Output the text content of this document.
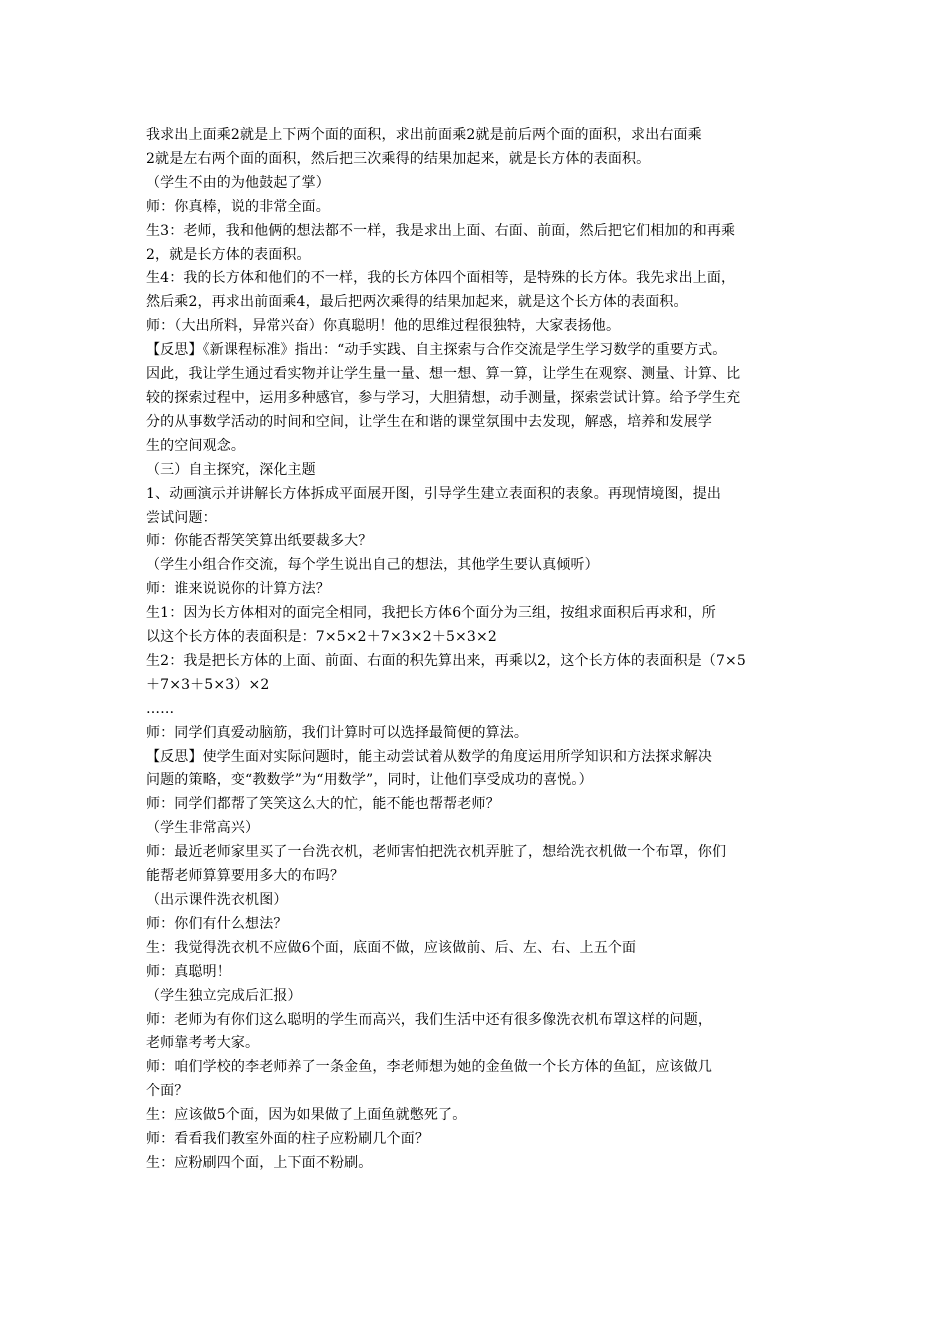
我求出上面乘2就是上下两个面的面积，求出前面乘2就是前后两个面的面积，求出右面乘
2就是左右两个面的面积，然后把三次乘得的结果加起来，就是长方体的表面积。
（学生不由的为他鼓起了掌）
师：你真棒，说的非常全面。
生3：老师，我和他俩的想法都不一样，我是求出上面、右面、前面，然后把它们相加的和再乘
2，就是长方体的表面积。
生4：我的长方体和他们的不一样，我的长方体四个面相等，是特殊的长方体。我先求出上面，
然后乘2，再求出前面乘4，最后把两次乘得的结果加起来，就是这个长方体的表面积。
师：（大出所料，异常兴奋）你真聪明！他的思维过程很独特，大家表扬他。
【反思】《新课程标准》指出：“动手实践、自主探索与合作交流是学生学习数学的重要方式。
因此，我让学生通过看实物并让学生量一量、想一想、算一算，让学生在观察、测量、计算、比
较的探索过程中，运用多种感官，参与学习，大胆猜想，动手测量，探索尝试计算。给予学生充
分的从事数学活动的时间和空间，让学生在和谐的课堂氛围中去发现，解惑，培养和发展学
生的空间观念。
（三）自主探究，深化主题
1、动画演示并讲解长方体拆成平面展开图，引导学生建立表面积的表象。再现情境图，提出
尝试问题：
师：你能否帮笑笑算出纸要裁多大？
（学生小组合作交流，每个学生说出自己的想法，其他学生要认真倾听）
师：谁来说说你的计算方法？
生1：因为长方体相对的面完全相同，我把长方体6个面分为三组，按组求面积后再求和，所
以这个长方体的表面积是：7×5×2＋7×3×2＋5×3×2
生2：我是把长方体的上面、前面、右面的积先算出来，再乘以2，这个长方体的表面积是（7×5
＋7×3＋5×3）×2
……
师：同学们真爱动脑筋，我们计算时可以选择最简便的算法。
【反思】使学生面对实际问题时，能主动尝试着从数学的角度运用所学知识和方法探求解决
问题的策略，变“教数学”为“用数学”，同时，让他们享受成功的喜悦。）
师：同学们都帮了笑笑这么大的忙，能不能也帮帮老师？
（学生非常高兴）
师：最近老师家里买了一台洗衣机，老师害怕把洗衣机弄脏了，想给洗衣机做一个布罩，你们
能帮老师算算要用多大的布吗？
（出示课件洗衣机图）
师：你们有什么想法？
生：我觉得洗衣机不应做6个面，底面不做，应该做前、后、左、右、上五个面
师：真聪明！
（学生独立完成后汇报）
师：老师为有你们这么聪明的学生而高兴，我们生活中还有很多像洗衣机布罩这样的问题，
老师靠考考大家。
师：咱们学校的李老师养了一条金鱼，李老师想为她的金鱼做一个长方体的鱼缸，应该做几
个面？
生：应该做5个面，因为如果做了上面鱼就憋死了。
师：看看我们教室外面的柱子应粉刷几个面？
生：应粉刷四个面，上下面不粉刷。
